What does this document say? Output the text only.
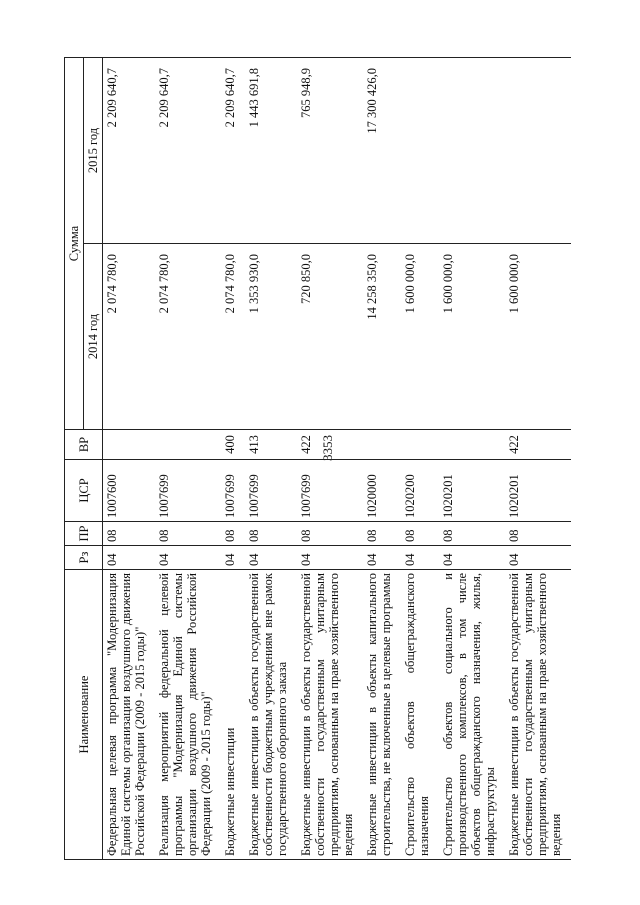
3353
Наименование	Рз	ПР	ЦСР	ВР	Сумма	
					2014 год	2015 год
Федеральная целевая программа "Модернизация Единой системы организации воздушного движения Российской Федерации (2009 - 2015 годы)"	04	08	1007600		2 074 780,0	2 209 640,7
Реализация мероприятий федеральной целевой программы "Модернизация Единой системы организации воздушного движения Российской Федерации (2009 - 2015 годы)"	04	08	1007699		2 074 780,0	2 209 640,7
Бюджетные инвестиции	04	08	1007699	400	2 074 780,0	2 209 640,7
Бюджетные инвестиции в объекты государственной собственности бюджетным учреждениям вне рамок государственного оборонного заказа	04	08	1007699	413	1 353 930,0	1 443 691,8
Бюджетные инвестиции в объекты государственной собственности государственным унитарным предприятиям, основанным на праве хозяйственного ведения	04	08	1007699	422	720 850,0	765 948,9
Бюджетные инвестиции в объекты капитального строительства, не включенные в целевые программы	04	08	1020000		14 258 350,0	17 300 426,0
Строительство объектов общегражданского назначения	04	08	1020200		1 600 000,0	
Строительство объектов социального и производственного комплексов, в том числе объектов общегражданского назначения, жилья, инфраструктуры	04	08	1020201		1 600 000,0	
Бюджетные инвестиции в объекты государственной собственности государственным унитарным предприятиям, основанным на праве хозяйственного ведения	04	08	1020201	422	1 600 000,0	
